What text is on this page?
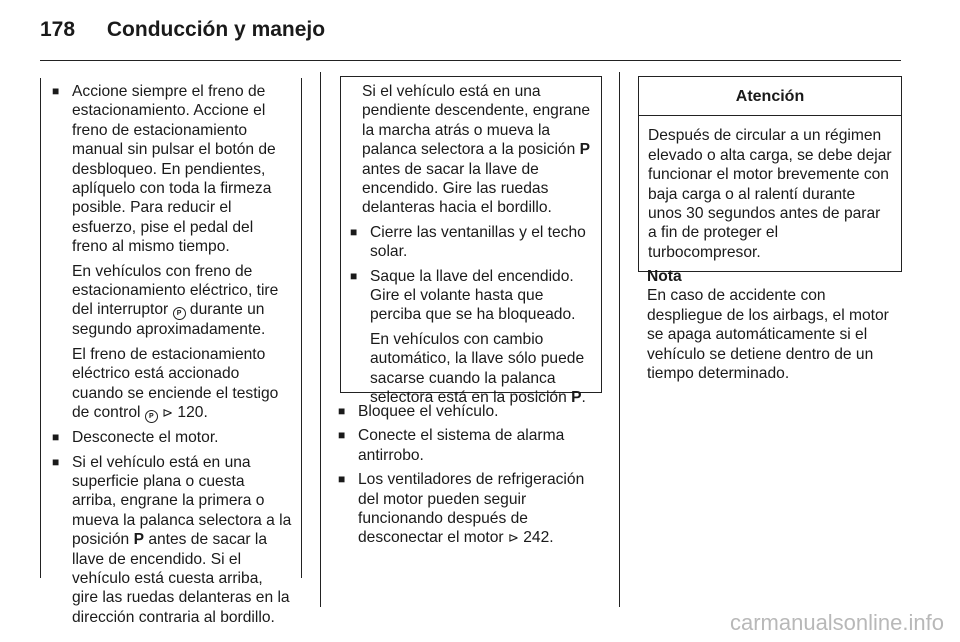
178 Conducción y manejo

■ Accione siempre el freno de estacionamiento. Accione el freno de estacionamiento manual sin pulsar el botón de desbloqueo. En pendientes, aplíquelo con toda la firmeza posible. Para reducir el esfuerzo, pise el pedal del freno al mismo tiempo.

En vehículos con freno de estacionamiento eléctrico, tire del interruptor P durante un segundo aproximadamente.
El freno de estacionamiento eléctrico está accionado cuando se enciende el testigo de control P ⊳ 120.

■ Desconecte el motor.

■ Si el vehículo está en una superficie plana o cuesta arriba, engrane la primera o mueva la palanca selectora a la posición P antes de sacar la llave de encendido. Si el vehículo está cuesta arriba, gire las ruedas delanteras en la dirección contraria al bordillo.
Si el vehículo está en una pendiente descendente, engrane la marcha atrás o mueva la palanca selectora a la posición P antes de sacar la llave de encendido. Gire las ruedas delanteras hacia el bordillo.

■ Cierre las ventanillas y el techo solar.

■ Saque la llave del encendido. Gire el volante hasta que perciba que se ha bloqueado.

En vehículos con cambio automático, la llave sólo puede sacarse cuando la palanca selectora está en la posición P.

■ Bloquee el vehículo.

■ Conecte el sistema de alarma antirrobo.

■ Los ventiladores de refrigeración del motor pueden seguir funcionando después de desconectar el motor ⊳ 242.
Atención
Después de circular a un régimen elevado o alta carga, se debe dejar funcionar el motor brevemente con baja carga o al ralentí durante unos 30 segundos antes de parar a fin de proteger el turbocompresor.
Nota
En caso de accidente con despliegue de los airbags, el motor se apaga automáticamente si el vehículo se detiene dentro de un tiempo determinado.
carmanualsonline.info
